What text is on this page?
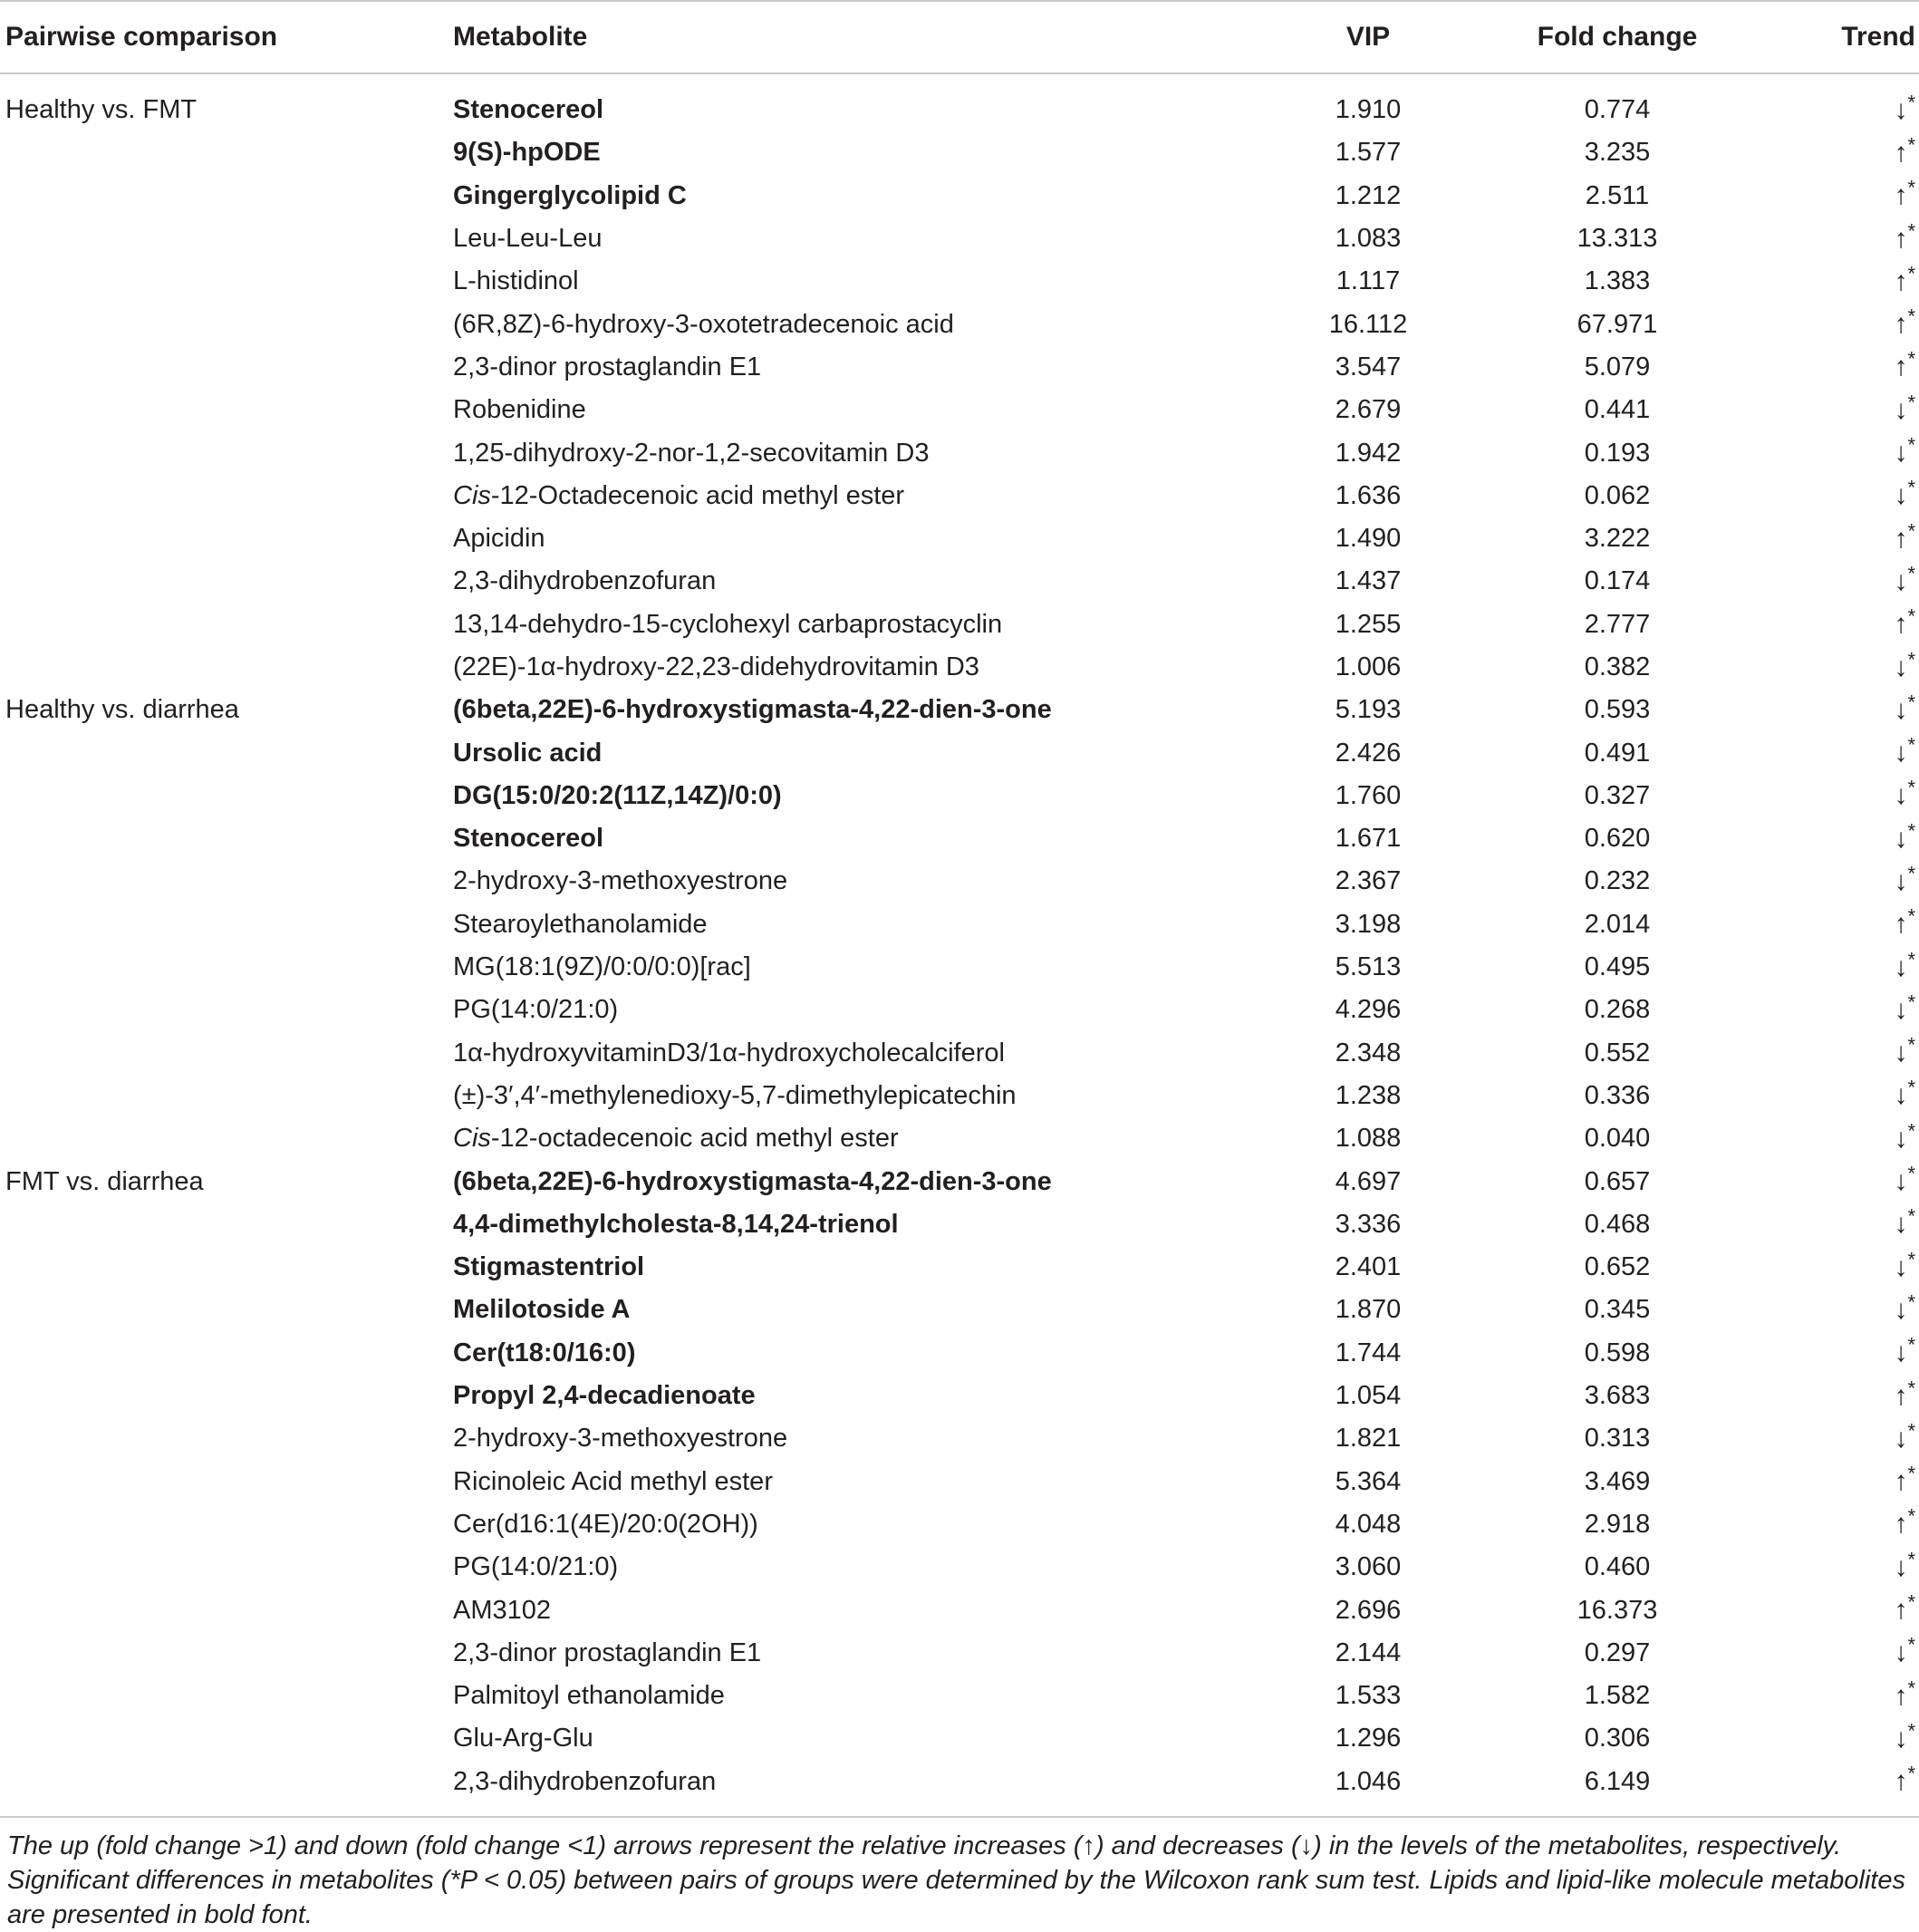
Pairwise comparison	Metabolite	VIP	Fold change	Trend
Healthy vs. FMT	Stenocereol	1.910	0.774	↓*
9(S)-hpODE	1.577	3.235	↑*
Gingerglycolipid C	1.212	2.511	↑*
Leu-Leu-Leu	1.083	13.313	↑*
L-histidinol	1.117	1.383	↑*
(6R,8Z)-6-hydroxy-3-oxotetradecenoic acid	16.112	67.971	↑*
2,3-dinor prostaglandin E1	3.547	5.079	↑*
Robenidine	2.679	0.441	↓*
1,25-dihydroxy-2-nor-1,2-secovitamin D3	1.942	0.193	↓*
Cis-12-Octadecenoic acid methyl ester	1.636	0.062	↓*
Apicidin	1.490	3.222	↑*
2,3-dihydrobenzofuran	1.437	0.174	↓*
13,14-dehydro-15-cyclohexyl carbaprostacyclin	1.255	2.777	↑*
(22E)-1α-hydroxy-22,23-didehydrovitamin D3	1.006	0.382	↓*
Healthy vs. diarrhea	(6beta,22E)-6-hydroxystigmasta-4,22-dien-3-one	5.193	0.593	↓*
Ursolic acid	2.426	0.491	↓*
DG(15:0/20:2(11Z,14Z)/0:0)	1.760	0.327	↓*
Stenocereol	1.671	0.620	↓*
2-hydroxy-3-methoxyestrone	2.367	0.232	↓*
Stearoylethanolamide	3.198	2.014	↑*
MG(18:1(9Z)/0:0/0:0)[rac]	5.513	0.495	↓*
PG(14:0/21:0)	4.296	0.268	↓*
1α-hydroxyvitaminD3/1α-hydroxycholecalciferol	2.348	0.552	↓*
(±)-3′,4′-methylenedioxy-5,7-dimethylepicatechin	1.238	0.336	↓*
Cis-12-octadecenoic acid methyl ester	1.088	0.040	↓*
FMT vs. diarrhea	(6beta,22E)-6-hydroxystigmasta-4,22-dien-3-one	4.697	0.657	↓*
4,4-dimethylcholesta-8,14,24-trienol	3.336	0.468	↓*
Stigmastentriol	2.401	0.652	↓*
Melilotoside A	1.870	0.345	↓*
Cer(t18:0/16:0)	1.744	0.598	↓*
Propyl 2,4-decadienoate	1.054	3.683	↑*
2-hydroxy-3-methoxyestrone	1.821	0.313	↓*
Ricinoleic Acid methyl ester	5.364	3.469	↑*
Cer(d16:1(4E)/20:0(2OH))	4.048	2.918	↑*
PG(14:0/21:0)	3.060	0.460	↓*
AM3102	2.696	16.373	↑*
2,3-dinor prostaglandin E1	2.144	0.297	↓*
Palmitoyl ethanolamide	1.533	1.582	↑*
Glu-Arg-Glu	1.296	0.306	↓*
2,3-dihydrobenzofuran	1.046	6.149	↑*

The up (fold change >1) and down (fold change <1) arrows represent the relative increases (↑) and decreases (↓) in the levels of the metabolites, respectively. Significant differences in metabolites (*P < 0.05) between pairs of groups were determined by the Wilcoxon rank sum test. Lipids and lipid-like molecule metabolites are presented in bold font.
